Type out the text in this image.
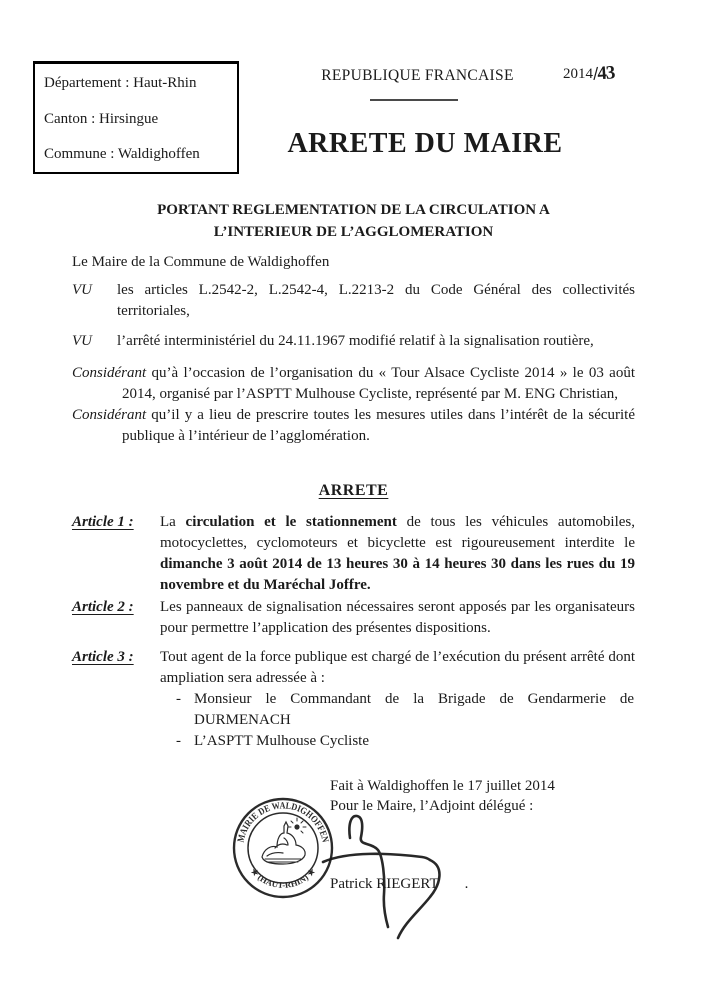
Département : Haut-Rhin
Canton : Hirsingue
Commune : Waldighoffen
REPUBLIQUE FRANCAISE	2014/43
ARRETE DU MAIRE
PORTANT REGLEMENTATION DE LA CIRCULATION A
L’INTERIEUR DE L’AGGLOMERATION
Le Maire de la Commune de Waldighoffen
VU	les articles L.2542-2, L.2542-4, L.2213-2 du Code Général des collectivités territoriales,
VU	l’arrêté interministériel du 24.11.1967 modifié relatif à la signalisation routière,

Considérant qu’à l’occasion de l’organisation du « Tour Alsace Cycliste 2014 » le 03 août 2014, organisé par l’ASPTT Mulhouse Cycliste, représenté par M. ENG Christian,

Considérant qu’il y a lieu de prescrire toutes les mesures utiles dans l’intérêt de la sécurité publique à l’intérieur de l’agglomération.

ARRETE
Article 1 :	La circulation et le stationnement de tous les véhicules automobiles, motocyclettes, cyclomoteurs et bicyclette est rigoureusement interdite le dimanche 3 août 2014 de 13 heures 30 à 14 heures 30 dans les rues du 19 novembre et du Maréchal Joffre.
Article 2 :	Les panneaux de signalisation nécessaires seront apposés par les organisateurs pour permettre l’application des présentes dispositions.
Article 3 :	Tout agent de la force publique est chargé de l’exécution du présent arrêté dont ampliation sera adressée à :
- Monsieur le Commandant de la Brigade de Gendarmerie de DURMENACH
- L’ASPTT Mulhouse Cycliste
Fait à Waldighoffen le 17 juillet 2014
Pour le Maire, l’Adjoint délégué :
MAIRIE DE WALDIGHOFFEN
★ (HAUT-RHIN) ★
Patrick RIEGERT .
